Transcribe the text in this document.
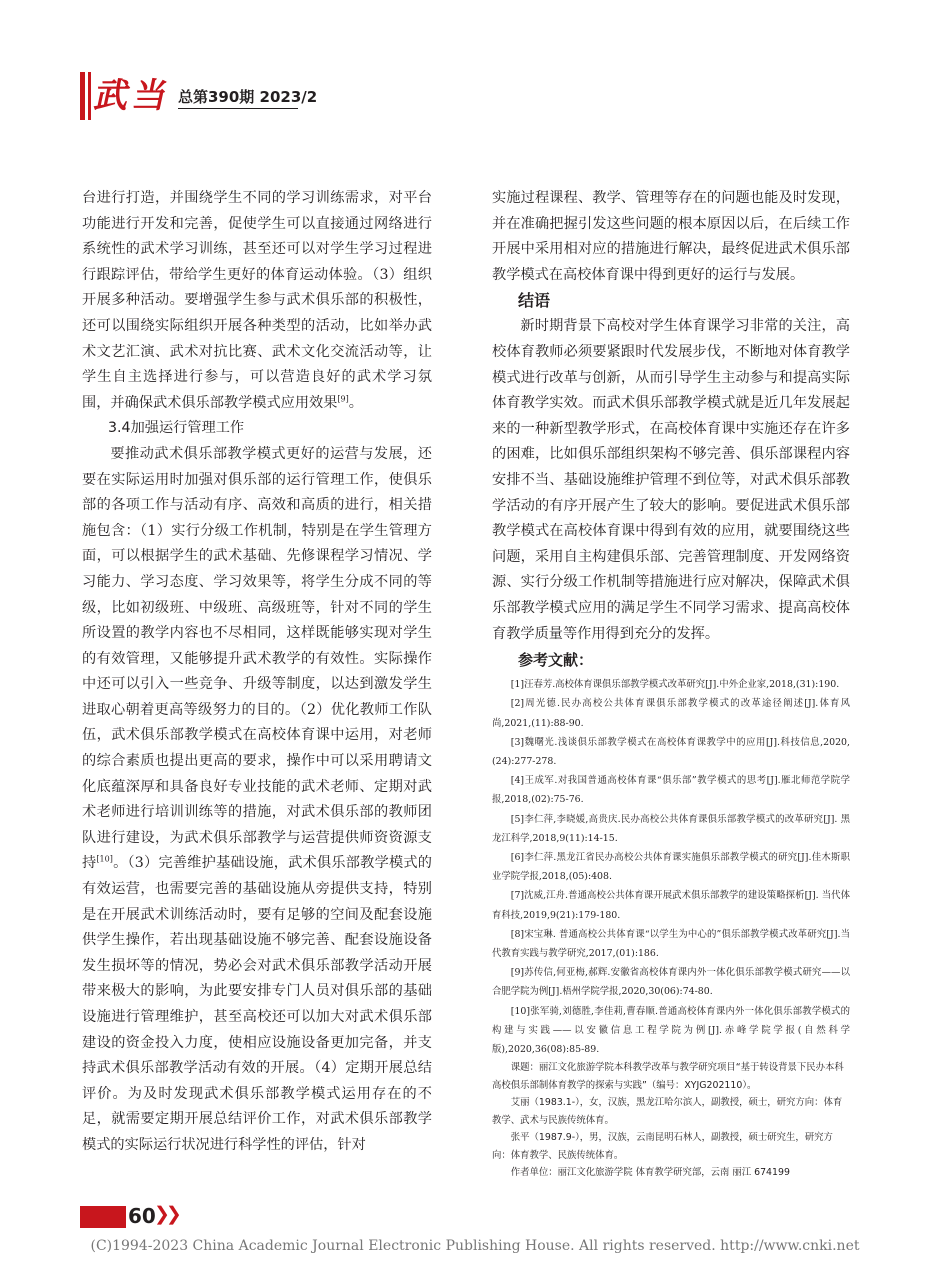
武当 总第390期 2023/2

台进行打造，并围绕学生不同的学习训练需求，对平台功能进行开发和完善，促使学生可以直接通过网络进行系统性的武术学习训练，甚至还可以对学生学习过程进行跟踪评估，带给学生更好的体育运动体验。（3）组织开展多种活动。要增强学生参与武术俱乐部的积极性，还可以围绕实际组织开展各种类型的活动，比如举办武术文艺汇演、武术对抗比赛、武术文化交流活动等，让学生自主选择进行参与，可以营造良好的武术学习氛围，并确保武术俱乐部教学模式应用效果[9]。

3.4加强运行管理工作

要推动武术俱乐部教学模式更好的运营与发展，还要在实际运用时加强对俱乐部的运行管理工作，使俱乐部的各项工作与活动有序、高效和高质的进行，相关措施包含：（1）实行分级工作机制，特别是在学生管理方面，可以根据学生的武术基础、先修课程学习情况、学习能力、学习态度、学习效果等，将学生分成不同的等级，比如初级班、中级班、高级班等，针对不同的学生所设置的教学内容也不尽相同，这样既能够实现对学生的有效管理，又能够提升武术教学的有效性。实际操作中还可以引入一些竞争、升级等制度，以达到激发学生进取心朝着更高等级努力的目的。（2）优化教师工作队伍，武术俱乐部教学模式在高校体育课中运用，对老师的综合素质也提出更高的要求，操作中可以采用聘请文化底蕴深厚和具备良好专业技能的武术老师、定期对武术老师进行培训训练等的措施，对武术俱乐部的教师团队进行建设，为武术俱乐部教学与运营提供师资资源支持[10]。（3）完善维护基础设施，武术俱乐部教学模式的有效运营，也需要完善的基础设施从旁提供支持，特别是在开展武术训练活动时，要有足够的空间及配套设施供学生操作，若出现基础设施不够完善、配套设施设备发生损坏等的情况，势必会对武术俱乐部教学活动开展带来极大的影响，为此要安排专门人员对俱乐部的基础设施进行管理维护，甚至高校还可以加大对武术俱乐部建设的资金投入力度，使相应设施设备更加完备，并支持武术俱乐部教学活动有效的开展。（4）定期开展总结评价。为及时发现武术俱乐部教学模式运用存在的不足，就需要定期开展总结评价工作，对武术俱乐部教学模式的实际运行状况进行科学性的评估，针对

实施过程课程、教学、管理等存在的问题也能及时发现，并在准确把握引发这些问题的根本原因以后，在后续工作开展中采用相对应的措施进行解决，最终促进武术俱乐部教学模式在高校体育课中得到更好的运行与发展。

结语

新时期背景下高校对学生体育课学习非常的关注，高校体育教师必须要紧跟时代发展步伐，不断地对体育教学模式进行改革与创新，从而引导学生主动参与和提高实际体育教学实效。而武术俱乐部教学模式就是近几年发展起来的一种新型教学形式，在高校体育课中实施还存在许多的困难，比如俱乐部组织架构不够完善、俱乐部课程内容安排不当、基础设施维护管理不到位等，对武术俱乐部教学活动的有序开展产生了较大的影响。要促进武术俱乐部教学模式在高校体育课中得到有效的应用，就要围绕这些问题，采用自主构建俱乐部、完善管理制度、开发网络资源、实行分级工作机制等措施进行应对解决，保障武术俱乐部教学模式应用的满足学生不同学习需求、提高高校体育教学质量等作用得到充分的发挥。

参考文献：

[1]汪春芳.高校体育课俱乐部教学模式改革研究[J].中外企业家,2018,(31):190.

[2]周光德.民办高校公共体育课俱乐部教学模式的改革途径阐述[J].体育风尚,2021,(11):88-90.

[3]魏曙光.浅谈俱乐部教学模式在高校体育课教学中的应用[J].科技信息,2020,(24):277-278.

[4]王成军.对我国普通高校体育课“俱乐部”教学模式的思考[J].雁北师范学院学报,2018,(02):75-76.

[5]李仁萍,李晓媛,高贵庆.民办高校公共体育课俱乐部教学模式的改革研究[J]. 黑龙江科学,2018,9(11):14-15.

[6]李仁萍.黑龙江省民办高校公共体育课实施俱乐部教学模式的研究[J].佳木斯职业学院学报,2018,(05):408.

[7]沈威,江舟.普通高校公共体育课开展武术俱乐部教学的建设策略探析[J]. 当代体育科技,2019,9(21):179-180.

[8]宋宝琳. 普通高校公共体育课“以学生为中心的”俱乐部教学模式改革研究[J].当代教育实践与教学研究,2017,(01):186.

[9]苏传信,何亚梅,郝辉.安徽省高校体育课内外一体化俱乐部教学模式研究——以合肥学院为例[J].梧州学院学报,2020,30(06):74-80.

[10]张军骑,刘德胜,李佳莉,曹春顺.普通高校体育课内外一体化俱乐部教学模式的构建与实践——以安徽信息工程学院为例[J].赤峰学院学报(自然科学版),2020,36(08):85-89.

课题：丽江文化旅游学院本科教学改革与教学研究项目“基于转设背景下民办本科高校俱乐部制体育教学的探索与实践”（编号：XYJG202110）。

艾丽（1983.1-），女，汉族，黑龙江哈尔滨人，副教授，硕士，研究方向：体育教学、武术与民族传统体育。

张平（1987.9-），男，汉族，云南昆明石林人，副教授，硕士研究生，研究方向：体育教学、民族传统体育。

作者单位：丽江文化旅游学院 体育教学研究部，云南 丽江 674199

60
❯❯
(C)1994-2023 China Academic Journal Electronic Publishing House. All rights reserved. http://www.cnki.net
